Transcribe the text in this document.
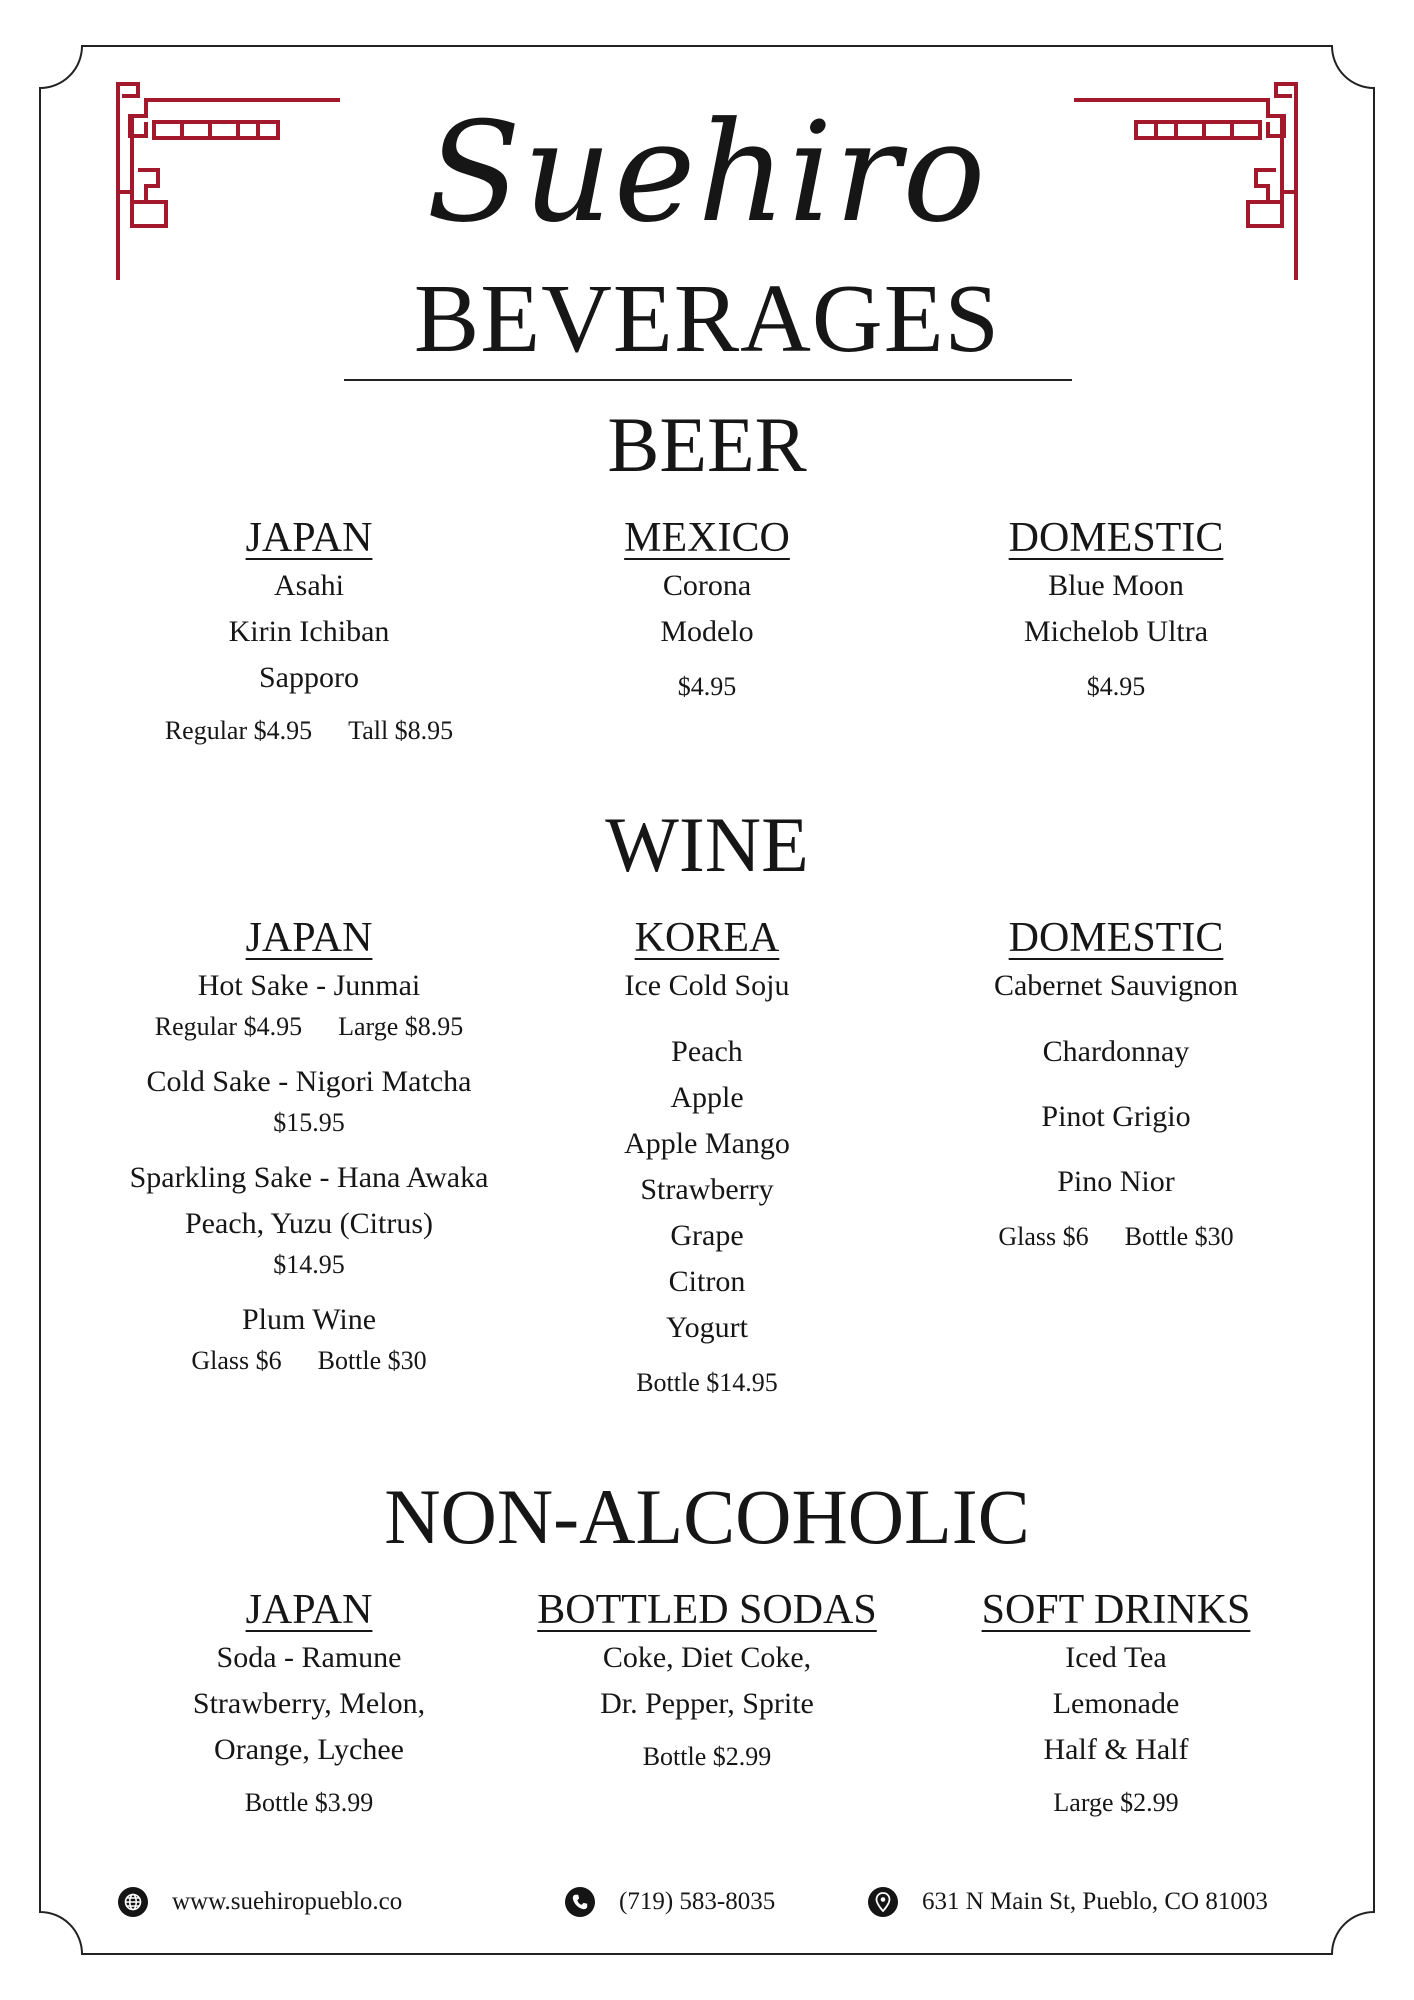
Suehiro
BEVERAGES
BEER
JAPAN
Asahi
Kirin Ichiban
Sapporo
Regular $4.95 Tall $8.95
MEXICO
Corona
Modelo
$4.95
DOMESTIC
Blue Moon
Michelob Ultra
$4.95
WINE
JAPAN
Hot Sake - Junmai
Regular $4.95 Large $8.95
Cold Sake - Nigori Matcha
$15.95
Sparkling Sake - Hana Awaka
Peach, Yuzu (Citrus)
$14.95
Plum Wine
Glass $6 Bottle $30
KOREA
Ice Cold Soju
Peach
Apple
Apple Mango
Strawberry
Grape
Citron
Yogurt
Bottle $14.95
DOMESTIC
Cabernet Sauvignon
Chardonnay
Pinot Grigio
Pino Nior
Glass $6 Bottle $30
NON-ALCOHOLIC
JAPAN
Soda - Ramune
Strawberry, Melon,
Orange, Lychee
Bottle $3.99
BOTTLED SODAS
Coke, Diet Coke,
Dr. Pepper, Sprite
Bottle $2.99
SOFT DRINKS
Iced Tea
Lemonade
Half & Half
Large $2.99
www.suehiropueblo.co	(719) 583-8035	631 N Main St, Pueblo, CO 81003
